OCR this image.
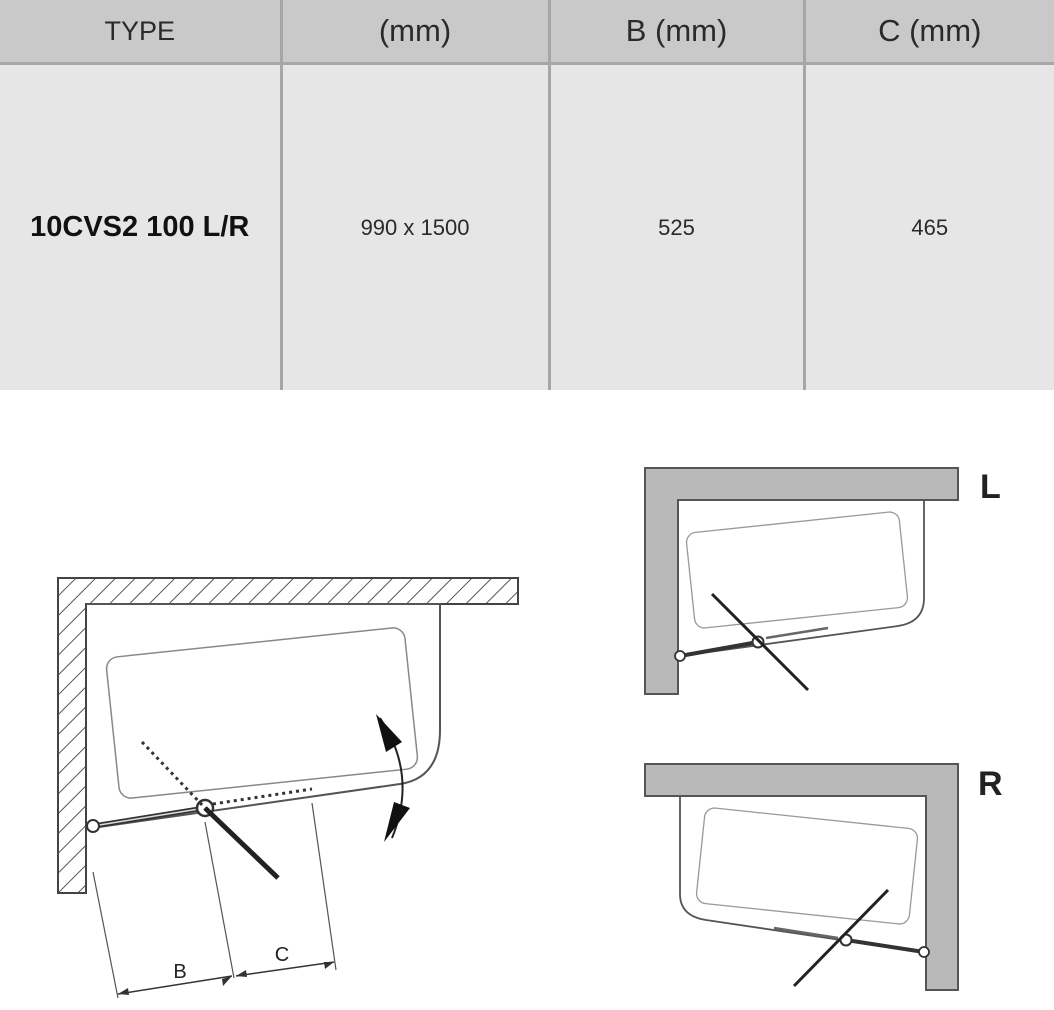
TYPE	(mm)	B (mm)	C (mm)
10CVS2 100 L/R	990 x 1500	525	465
B
C
L
R
